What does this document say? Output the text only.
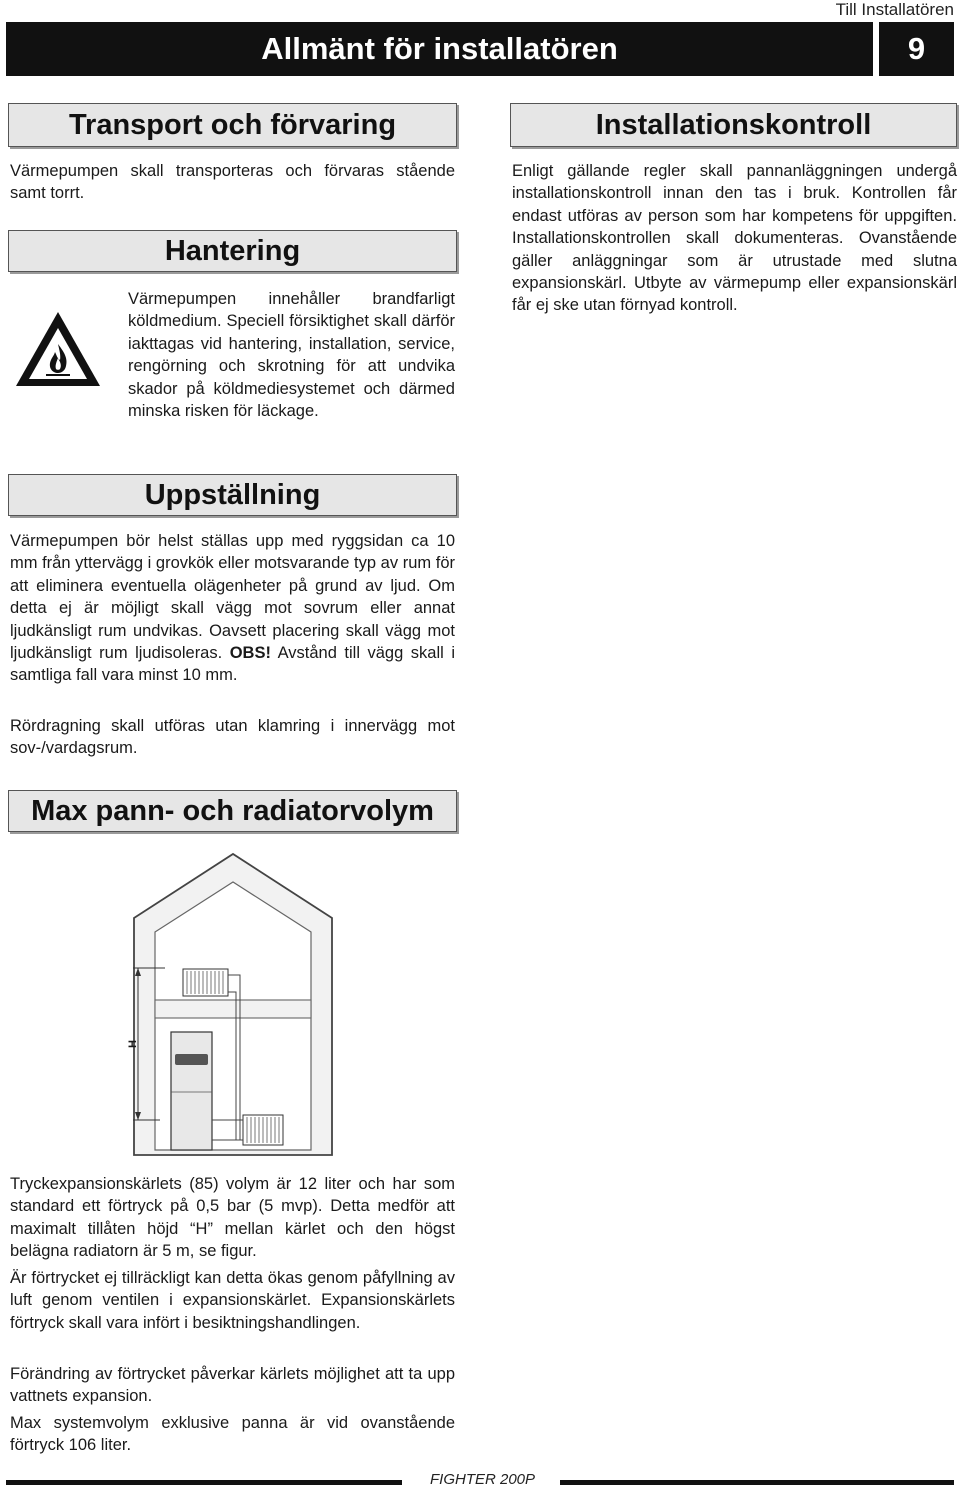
Till Installatören
Allmänt för installatören	9
Transport och förvaring
Värmepumpen skall transporteras och förvaras stående samt torrt.
Hantering
Värmepumpen innehåller brandfarligt köldmedium. Speciell försiktighet skall därför iakttagas vid hantering, installation, service, rengörning och skrotning för att undvika skador på köldmediesystemet och därmed minska risken för läckage.
Installationskontroll
Enligt gällande regler skall pannanläggningen undergå installationskontroll innan den tas i bruk. Kontrollen får endast utföras av person som har kompetens för uppgiften. Installationskontrollen skall dokumenteras. Ovanstående gäller anläggningar som är utrustade med slutna expansionskärl. Utbyte av värmepump eller expansionskärl får ej ske utan förnyad kontroll.
Uppställning
Värmepumpen bör helst ställas upp med ryggsidan ca 10 mm från yttervägg i grovkök eller motsvarande typ av rum för att eliminera eventuella olägenheter på grund av ljud. Om detta ej är möjligt skall vägg mot sovrum eller annat ljudkänsligt rum undvikas. Oavsett placering skall vägg mot ljudkänsligt rum ljudisoleras. OBS! Avstånd till vägg skall i samtliga fall vara minst 10 mm.
Rördragning skall utföras utan klamring i innervägg mot sov-/vardagsrum.
Max pann- och radiatorvolym
H
Tryckexpansionskärlets (85) volym är 12 liter och har som standard ett förtryck på 0,5 bar (5 mvp). Detta medför att maximalt tillåten höjd “H” mellan kärlet och den högst belägna radiatorn är 5 m, se figur.
Är förtrycket ej tillräckligt kan detta ökas genom påfyllning av luft genom ventilen i expansionskärlet. Expansionskärlets förtryck skall vara infört i besiktningshandlingen.
Förändring av förtrycket påverkar kärlets möjlighet att ta upp vattnets expansion.
Max systemvolym exklusive panna är vid ovanstående förtryck 106 liter.
FIGHTER 200P
